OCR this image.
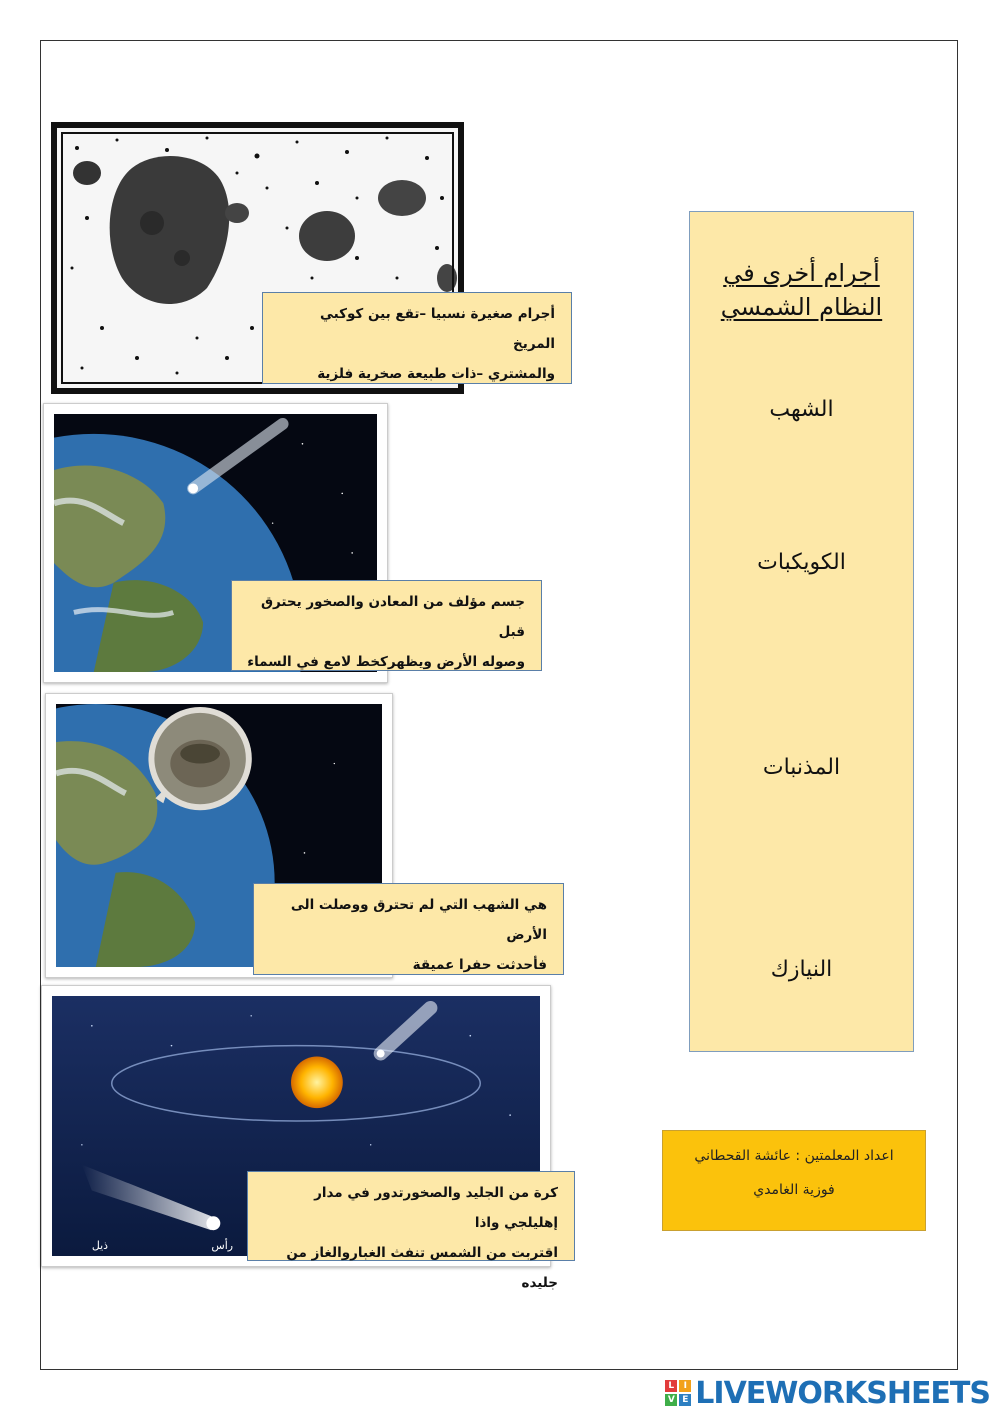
أجرام صغيرة نسبيا –تقع بين كوكبي المريخ
والمشتري –ذات طبيعة صخرية فلزية
جسم مؤلف من المعادن والصخور يحترق قبل
وصوله الأرض ويظهركخط لامع في السماء
هي الشهب التي لم تحترق ووصلت الى الأرض
فأحدثت حفرا عميقة
ذيل	رأس
كرة من الجليد والصخورتدور في مدار إهليلجي واذا
اقتربت من الشمس تنفث الغباروالغاز من جليده
أجرام أخرى في
النظام الشمسي
الشهب
الكويكبات
المذنبات
النيازك
اعداد المعلمتين : عائشة القحطاني
فوزية الغامدي
L	I
V E LIVEWORKSHEETS
